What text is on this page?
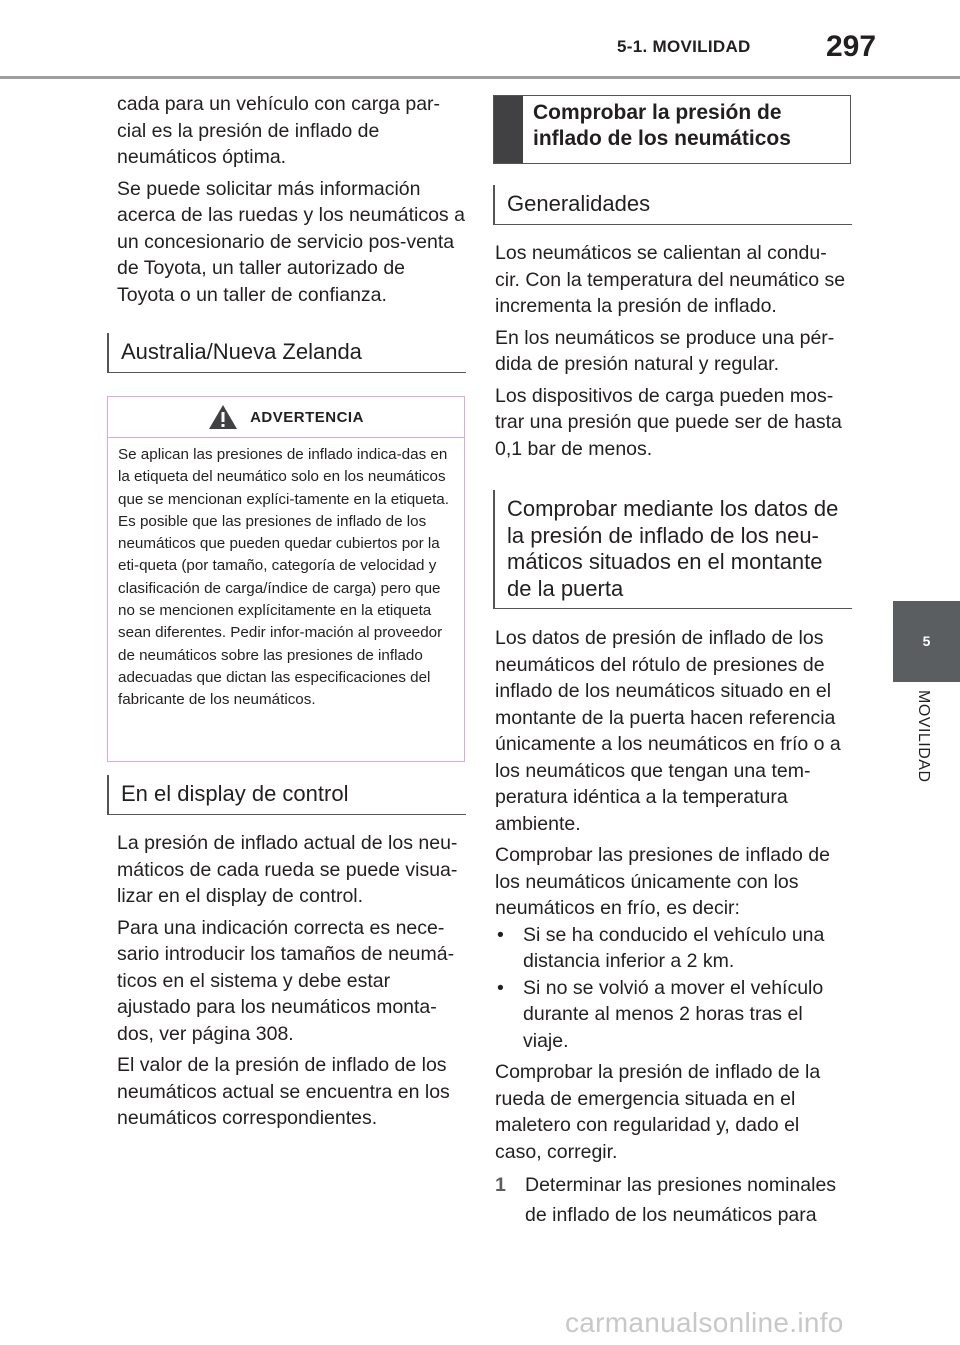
5-1. MOVILIDAD	297
5
MOVILIDAD

cada para un vehículo con carga par-cial es la presión de inflado de neumáticos óptima.

Se puede solicitar más información acerca de las ruedas y los neumáticos a un concesionario de servicio pos-venta de Toyota, un taller autorizado de Toyota o un taller de confianza.

Australia/Nueva Zelanda
ADVERTENCIA
Se aplican las presiones de inflado indica-das en la etiqueta del neumático solo en los neumáticos que se mencionan explíci-tamente en la etiqueta. Es posible que las presiones de inflado de los neumáticos que pueden quedar cubiertos por la eti-queta (por tamaño, categoría de velocidad y clasificación de carga/índice de carga) pero que no se mencionen explícitamente en la etiqueta sean diferentes. Pedir infor-mación al proveedor de neumáticos sobre las presiones de inflado adecuadas que dictan las especificaciones del fabricante de los neumáticos.
En el display de control

La presión de inflado actual de los neu-máticos de cada rueda se puede visua-lizar en el display de control.

Para una indicación correcta es nece-sario introducir los tamaños de neumá-ticos en el sistema y debe estar ajustado para los neumáticos monta-dos, ver página 308.

El valor de la presión de inflado de los neumáticos actual se encuentra en los neumáticos correspondientes.

Comprobar la presión de inflado de los neumáticos
Generalidades

Los neumáticos se calientan al condu-cir. Con la temperatura del neumático se incrementa la presión de inflado.

En los neumáticos se produce una pér-dida de presión natural y regular.

Los dispositivos de carga pueden mos-trar una presión que puede ser de hasta 0,1 bar de menos.

Comprobar mediante los datos de la presión de inflado de los neu-máticos situados en el montante de la puerta

Los datos de presión de inflado de los neumáticos del rótulo de presiones de inflado de los neumáticos situado en el montante de la puerta hacen referencia únicamente a los neumáticos en frío o a los neumáticos que tengan una tem-peratura idéntica a la temperatura ambiente.

Comprobar las presiones de inflado de los neumáticos únicamente con los neumáticos en frío, es decir:

• Si se ha conducido el vehículo una distancia inferior a 2 km.
• Si no se volvió a mover el vehículo durante al menos 2 horas tras el viaje.

Comprobar la presión de inflado de la rueda de emergencia situada en el maletero con regularidad y, dado el caso, corregir.

1 Determinar las presiones nominales de inflado de los neumáticos para
carmanualsonline.info
